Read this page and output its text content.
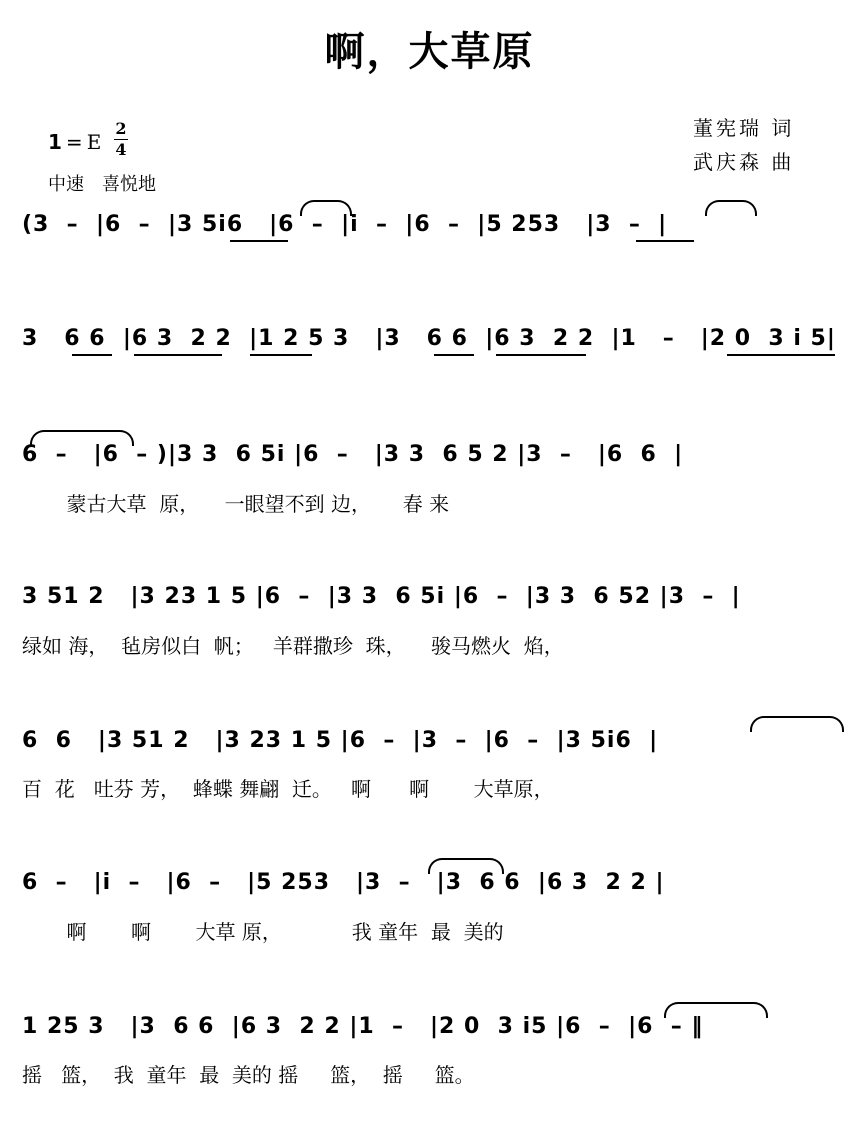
啊，大草原
1 = E
2
4
中速　喜悦地
董宪瑞 词
武庆森 曲
(3  –  |6  –  |3 5i6   |6  –  |i  –  |6  –  |5 253   |3  –  |
3   6 6  |6 3  2 2  |1 2 5 3   |3   6 6  |6 3  2 2  |1   –   |2 0  3 i 5|
6  –   |6  – )|3 3  6 5i |6  –   |3 3  6 5 2 |3  –   |6  6  |
蒙古大草  原，    一眼望不到 边，     春 来
3 51 2   |3 23 1 5 |6  –  |3 3  6 5i |6  –  |3 3  6 52 |3  –  |
绿如 海，  毡房似白  帆；   羊群撒珍  珠，    骏马燃火  焰，
6  6   |3 51 2   |3 23 1 5 |6  –  |3  –  |6  –  |3 5i6  |
百  花   吐芬 芳，  蜂蝶 舞翩  迁。   啊      啊       大草原，
6  –   |i  –   |6  –   |5 253   |3  –   |3  6 6  |6 3  2 2 |
啊       啊       大草 原，           我 童年  最  美的
1 25 3   |3  6 6  |6 3  2 2 |1  –   |2 0  3 i5 |6  –  |6  – ‖
摇   篮，  我  童年  最  美的 摇     篮，  摇     篮。
